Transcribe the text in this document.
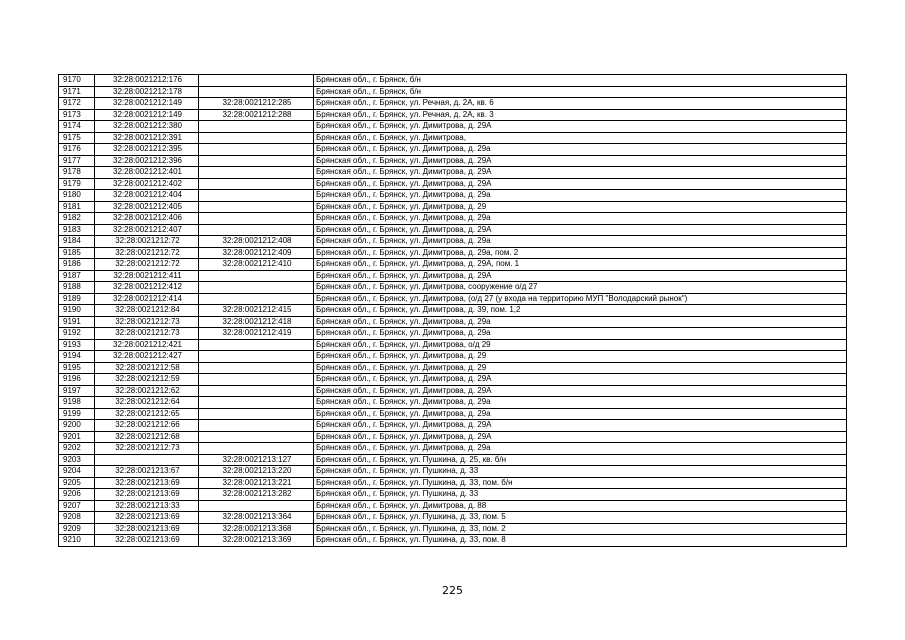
9170	32:28:0021212:176		Брянская обл., г. Брянск, б/н
9171	32:28:0021212:178		Брянская обл., г. Брянск, б/н
9172	32:28:0021212:149	32:28:0021212:285	Брянская обл., г. Брянск, ул. Речная, д. 2А, кв. 6
9173	32:28:0021212:149	32:28:0021212:288	Брянская обл., г. Брянск, ул. Речная, д. 2А, кв. 3
9174	32:28:0021212:380		Брянская обл., г. Брянск, ул. Димитрова, д. 29А
9175	32:28:0021212:391		Брянская обл., г. Брянск, ул. Димитрова,
9176	32:28:0021212:395		Брянская обл., г. Брянск, ул. Димитрова, д. 29а
9177	32:28:0021212:396		Брянская обл., г. Брянск, ул. Димитрова, д. 29А
9178	32:28:0021212:401		Брянская обл., г. Брянск, ул. Димитрова, д. 29А
9179	32:28:0021212:402		Брянская обл., г. Брянск, ул. Димитрова, д. 29А
9180	32:28:0021212:404		Брянская обл., г. Брянск, ул. Димитрова, д. 29а
9181	32:28:0021212:405		Брянская обл., г. Брянск, ул. Димитрова, д. 29
9182	32:28:0021212:406		Брянская обл., г. Брянск, ул. Димитрова, д. 29а
9183	32:28:0021212:407		Брянская обл., г. Брянск, ул. Димитрова, д. 29А
9184	32:28:0021212:72	32:28:0021212:408	Брянская обл., г. Брянск, ул. Димитрова, д. 29а
9185	32:28:0021212:72	32:28:0021212:409	Брянская обл., г. Брянск, ул. Димитрова, д. 29а, пом. 2
9186	32:28:0021212:72	32:28:0021212:410	Брянская обл., г. Брянск, ул. Димитрова, д. 29А, пом. 1
9187	32:28:0021212:411		Брянская обл., г. Брянск, ул. Димитрова, д. 29А
9188	32:28:0021212:412		Брянская обл., г. Брянск, ул. Димитрова, сооружение о/д 27
9189	32:28:0021212:414		Брянская обл., г. Брянск, ул. Димитрова, (о/д 27 (у входа на территорию МУП "Володарский рынок")
9190	32:28:0021212:84	32:28:0021212:415	Брянская обл., г. Брянск, ул. Димитрова, д. 39, пом. 1,2
9191	32:28:0021212:73	32:28:0021212:418	Брянская обл., г. Брянск, ул. Димитрова, д. 29а
9192	32:28:0021212:73	32:28:0021212:419	Брянская обл., г. Брянск, ул. Димитрова, д. 29а
9193	32:28:0021212:421		Брянская обл., г. Брянск, ул. Димитрова, о/д 29
9194	32:28:0021212:427		Брянская обл., г. Брянск, ул. Димитрова, д. 29
9195	32:28:0021212:58		Брянская обл., г. Брянск, ул. Димитрова, д. 29
9196	32:28:0021212:59		Брянская обл., г. Брянск, ул. Димитрова, д. 29А
9197	32:28:0021212:62		Брянская обл., г. Брянск, ул. Димитрова, д. 29А
9198	32:28:0021212:64		Брянская обл., г. Брянск, ул. Димитрова, д. 29а
9199	32:28:0021212:65		Брянская обл., г. Брянск, ул. Димитрова, д. 29а
9200	32:28:0021212:66		Брянская обл., г. Брянск, ул. Димитрова, д. 29А
9201	32:28:0021212:68		Брянская обл., г. Брянск, ул. Димитрова, д. 29А
9202	32:28:0021212:73		Брянская обл., г. Брянск, ул. Димитрова, д. 29а
9203		32:28:0021213:127	Брянская обл., г. Брянск, ул. Пушкина, д. 25, кв. б/н
9204	32:28:0021213:67	32:28:0021213:220	Брянская обл., г. Брянск, ул. Пушкина, д. 33
9205	32:28:0021213:69	32:28:0021213:221	Брянская обл., г. Брянск, ул. Пушкина, д. 33, пом. б/н
9206	32:28:0021213:69	32:28:0021213:282	Брянская обл., г. Брянск, ул. Пушкина, д. 33
9207	32:28:0021213:33		Брянская обл., г. Брянск, ул. Димитрова, д. 88
9208	32:28:0021213:69	32:28:0021213:364	Брянская обл., г. Брянск, ул. Пушкина, д. 33, пом. 5
9209	32:28:0021213:69	32:28:0021213:368	Брянская обл., г. Брянск, ул. Пушкина, д. 33, пом. 2
9210	32:28:0021213:69	32:28:0021213:369	Брянская обл., г. Брянск, ул. Пушкина, д. 33, пом. 8
225
